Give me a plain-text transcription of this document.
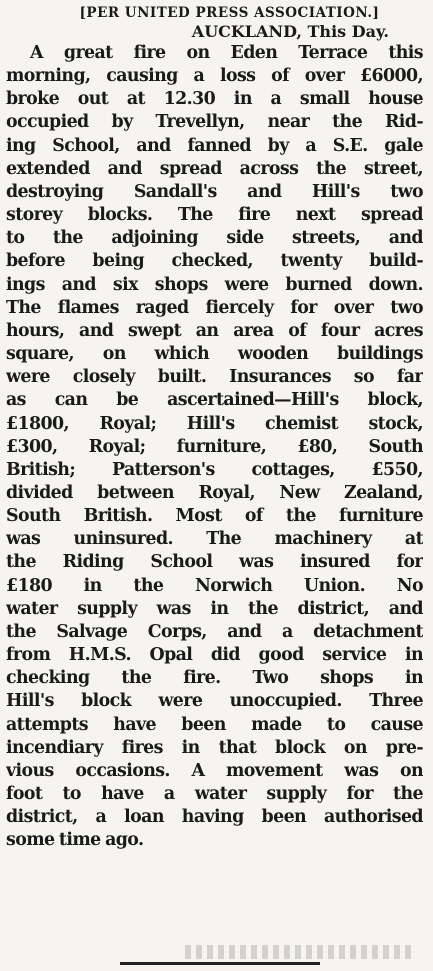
[PER UNITED PRESS ASSOCIATION.]
AUCKLAND, This Day.
A great fire on Eden Terrace this
morning, causing a loss of over £6000,
broke out at 12.30 in a small house
occupied by Trevellyn, near the Rid-
ing School, and fanned by a S.E. gale
extended and spread across the street,
destroying Sandall's and Hill's two
storey blocks. The fire next spread
to the adjoining side streets, and
before being checked, twenty build-
ings and six shops were burned down.
The flames raged fiercely for over two
hours, and swept an area of four acres
square, on which wooden buildings
were closely built. Insurances so far
as can be ascertained—Hill's block,
£1800, Royal; Hill's chemist stock,
£300, Royal; furniture, £80, South
British; Patterson's cottages, £550,
divided between Royal, New Zealand,
South British. Most of the furniture
was uninsured. The machinery at
the Riding School was insured for
£180 in the Norwich Union. No
water supply was in the district, and
the Salvage Corps, and a detachment
from H.M.S. Opal did good service in
checking the fire. Two shops in
Hill's block were unoccupied. Three
attempts have been made to cause
incendiary fires in that block on pre-
vious occasions. A movement was on
foot to have a water supply for the
district, a loan having been authorised
some time ago.
